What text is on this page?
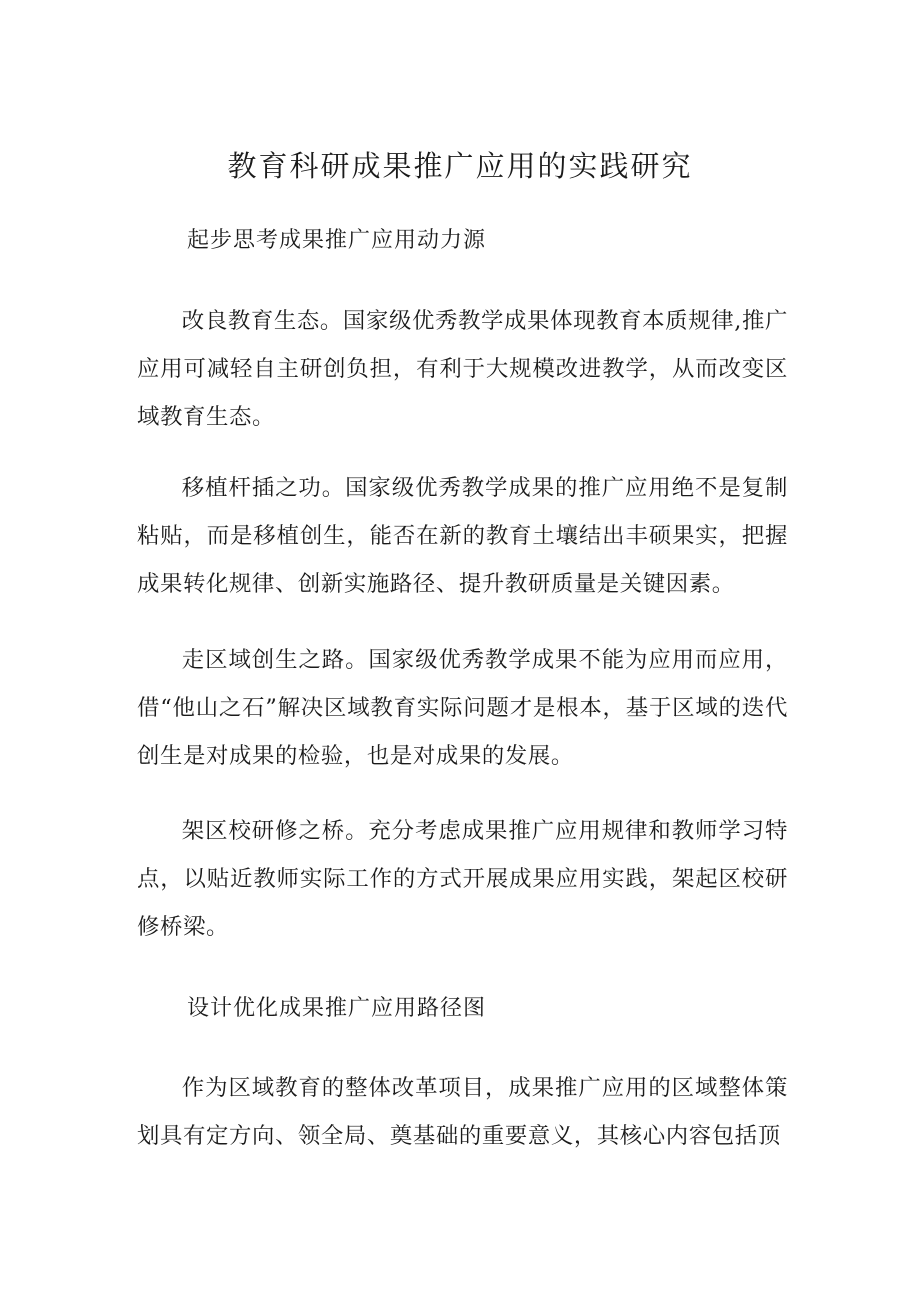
教育科研成果推广应用的实践研究
起步思考成果推广应用动力源
改良教育生态。国家级优秀教学成果体现教育本质规律,推广应用可减轻自主研创负担，有利于大规模改进教学，从而改变区域教育生态。
移植杆插之功。国家级优秀教学成果的推广应用绝不是复制粘贴，而是移植创生，能否在新的教育土壤结出丰硕果实，把握成果转化规律、创新实施路径、提升教研质量是关键因素。
走区域创生之路。国家级优秀教学成果不能为应用而应用，借“他山之石”解决区域教育实际问题才是根本，基于区域的迭代创生是对成果的检验，也是对成果的发展。
架区校研修之桥。充分考虑成果推广应用规律和教师学习特点，以贴近教师实际工作的方式开展成果应用实践，架起区校研修桥梁。
设计优化成果推广应用路径图
作为区域教育的整体改革项目，成果推广应用的区域整体策划具有定方向、领全局、奠基础的重要意义，其核心内容包括顶
